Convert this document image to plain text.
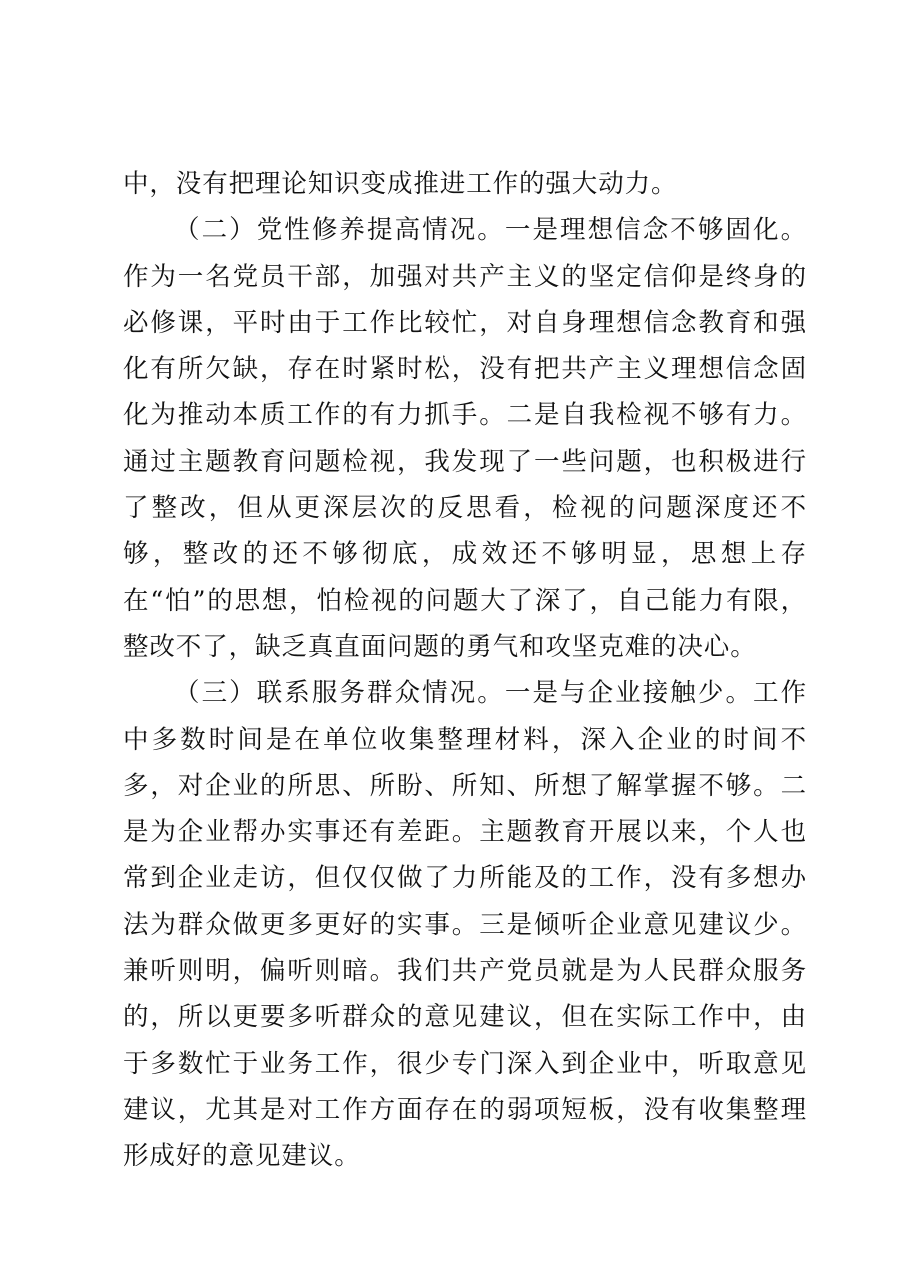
中，没有把理论知识变成推进工作的强大动力。

（二）党性修养提高情况。一是理想信念不够固化。作为一名党员干部，加强对共产主义的坚定信仰是终身的必修课，平时由于工作比较忙，对自身理想信念教育和强化有所欠缺，存在时紧时松，没有把共产主义理想信念固化为推动本质工作的有力抓手。二是自我检视不够有力。通过主题教育问题检视，我发现了一些问题，也积极进行了整改，但从更深层次的反思看，检视的问题深度还不够，整改的还不够彻底，成效还不够明显，思想上存在“怕”的思想，怕检视的问题大了深了，自己能力有限，整改不了，缺乏真直面问题的勇气和攻坚克难的决心。

（三）联系服务群众情况。一是与企业接触少。工作中多数时间是在单位收集整理材料，深入企业的时间不多，对企业的所思、所盼、所知、所想了解掌握不够。二是为企业帮办实事还有差距。主题教育开展以来，个人也常到企业走访，但仅仅做了力所能及的工作，没有多想办法为群众做更多更好的实事。三是倾听企业意见建议少。兼听则明，偏听则暗。我们共产党员就是为人民群众服务的，所以更要多听群众的意见建议，但在实际工作中，由于多数忙于业务工作，很少专门深入到企业中，听取意见建议，尤其是对工作方面存在的弱项短板，没有收集整理形成好的意见建议。
